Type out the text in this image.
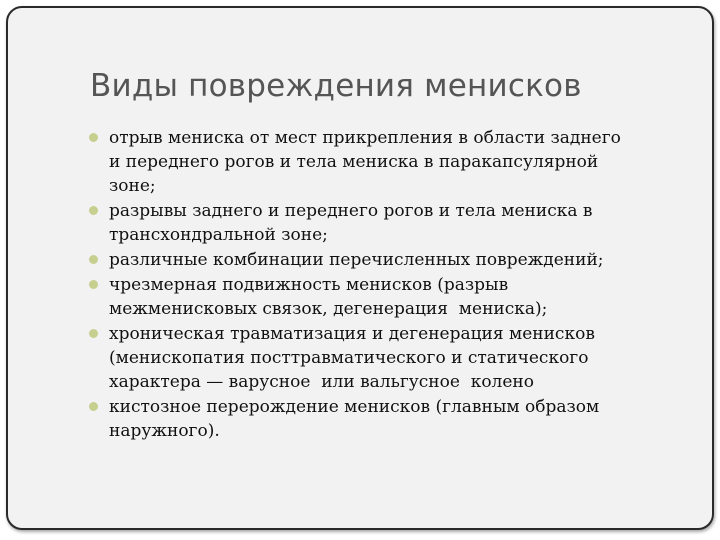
Виды повреждения менисков
отрыв мениска от мест прикрепления в области заднего
и переднего рогов и тела мениска в паракапсулярной
зоне;
разрывы заднего и переднего рогов и тела мениска в
трансхондральной зоне;
различные комбинации перечисленных повреждений;
чрезмерная подвижность менисков (разрыв
межменисковых связок, дегенерация  мениска);
хроническая травматизация и дегенерация менисков
(менископатия посттравматического и статического
характера — варусное  или вальгусное  колено
кистозное перерождение менисков (главным образом
наружного).
